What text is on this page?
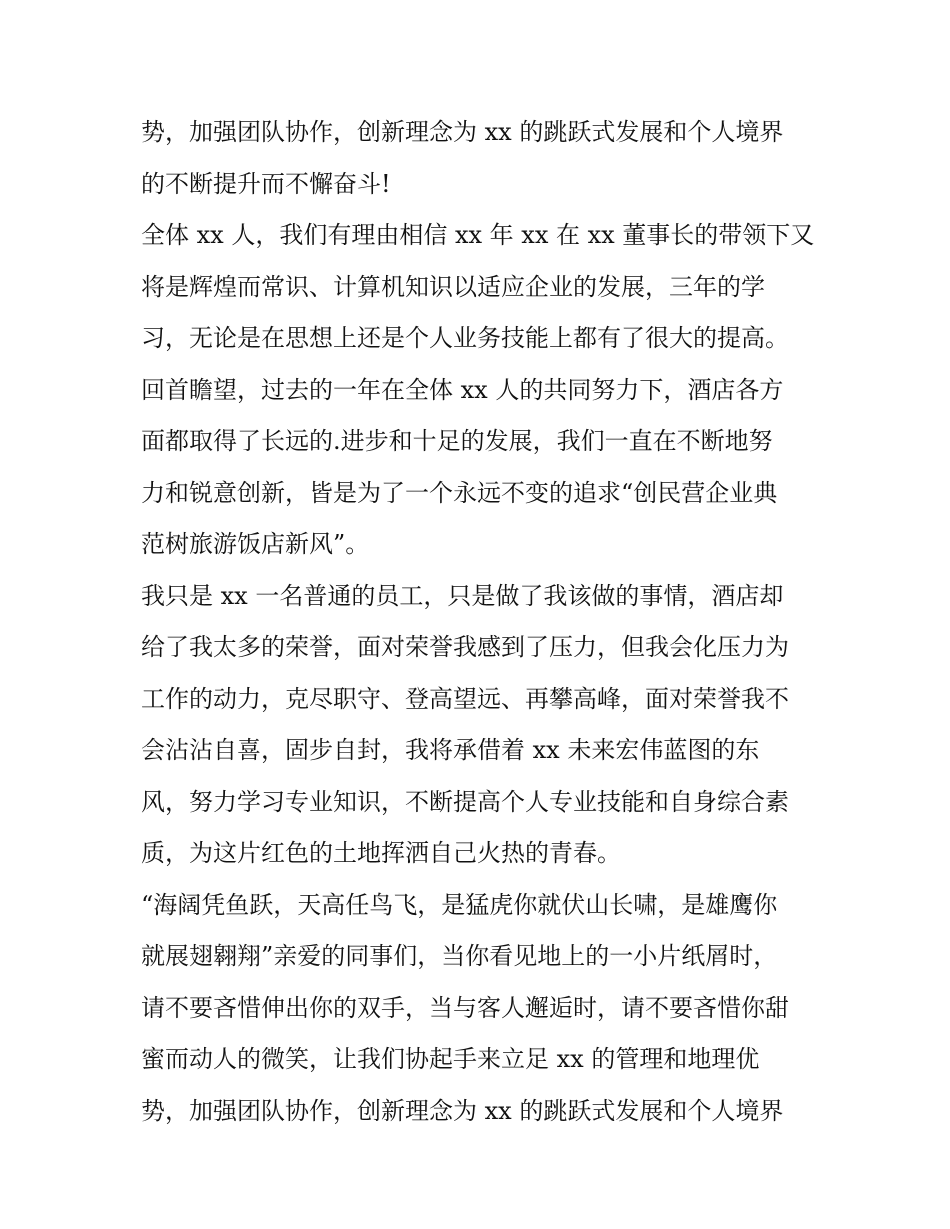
势，加强团队协作，创新理念为 xx 的跳跃式发展和个人境界
的不断提升而不懈奋斗!
全体 xx 人，我们有理由相信 xx 年 xx 在 xx 董事长的带领下又
将是辉煌而常识、计算机知识以适应企业的发展，三年的学
习，无论是在思想上还是个人业务技能上都有了很大的提高。
回首瞻望，过去的一年在全体 xx 人的共同努力下，酒店各方
面都取得了长远的.进步和十足的发展，我们一直在不断地努
力和锐意创新，皆是为了一个永远不变的追求“创民营企业典
范树旅游饭店新风”。
我只是 xx 一名普通的员工，只是做了我该做的事情，酒店却
给了我太多的荣誉，面对荣誉我感到了压力，但我会化压力为
工作的动力，克尽职守、登高望远、再攀高峰，面对荣誉我不
会沾沾自喜，固步自封，我将承借着 xx 未来宏伟蓝图的东
风，努力学习专业知识，不断提高个人专业技能和自身综合素
质，为这片红色的土地挥洒自己火热的青春。
“海阔凭鱼跃，天高任鸟飞，是猛虎你就伏山长啸，是雄鹰你
就展翅翱翔”亲爱的同事们，当你看见地上的一小片纸屑时，
请不要吝惜伸出你的双手，当与客人邂逅时，请不要吝惜你甜
蜜而动人的微笑，让我们协起手来立足 xx 的管理和地理优
势，加强团队协作，创新理念为 xx 的跳跃式发展和个人境界
